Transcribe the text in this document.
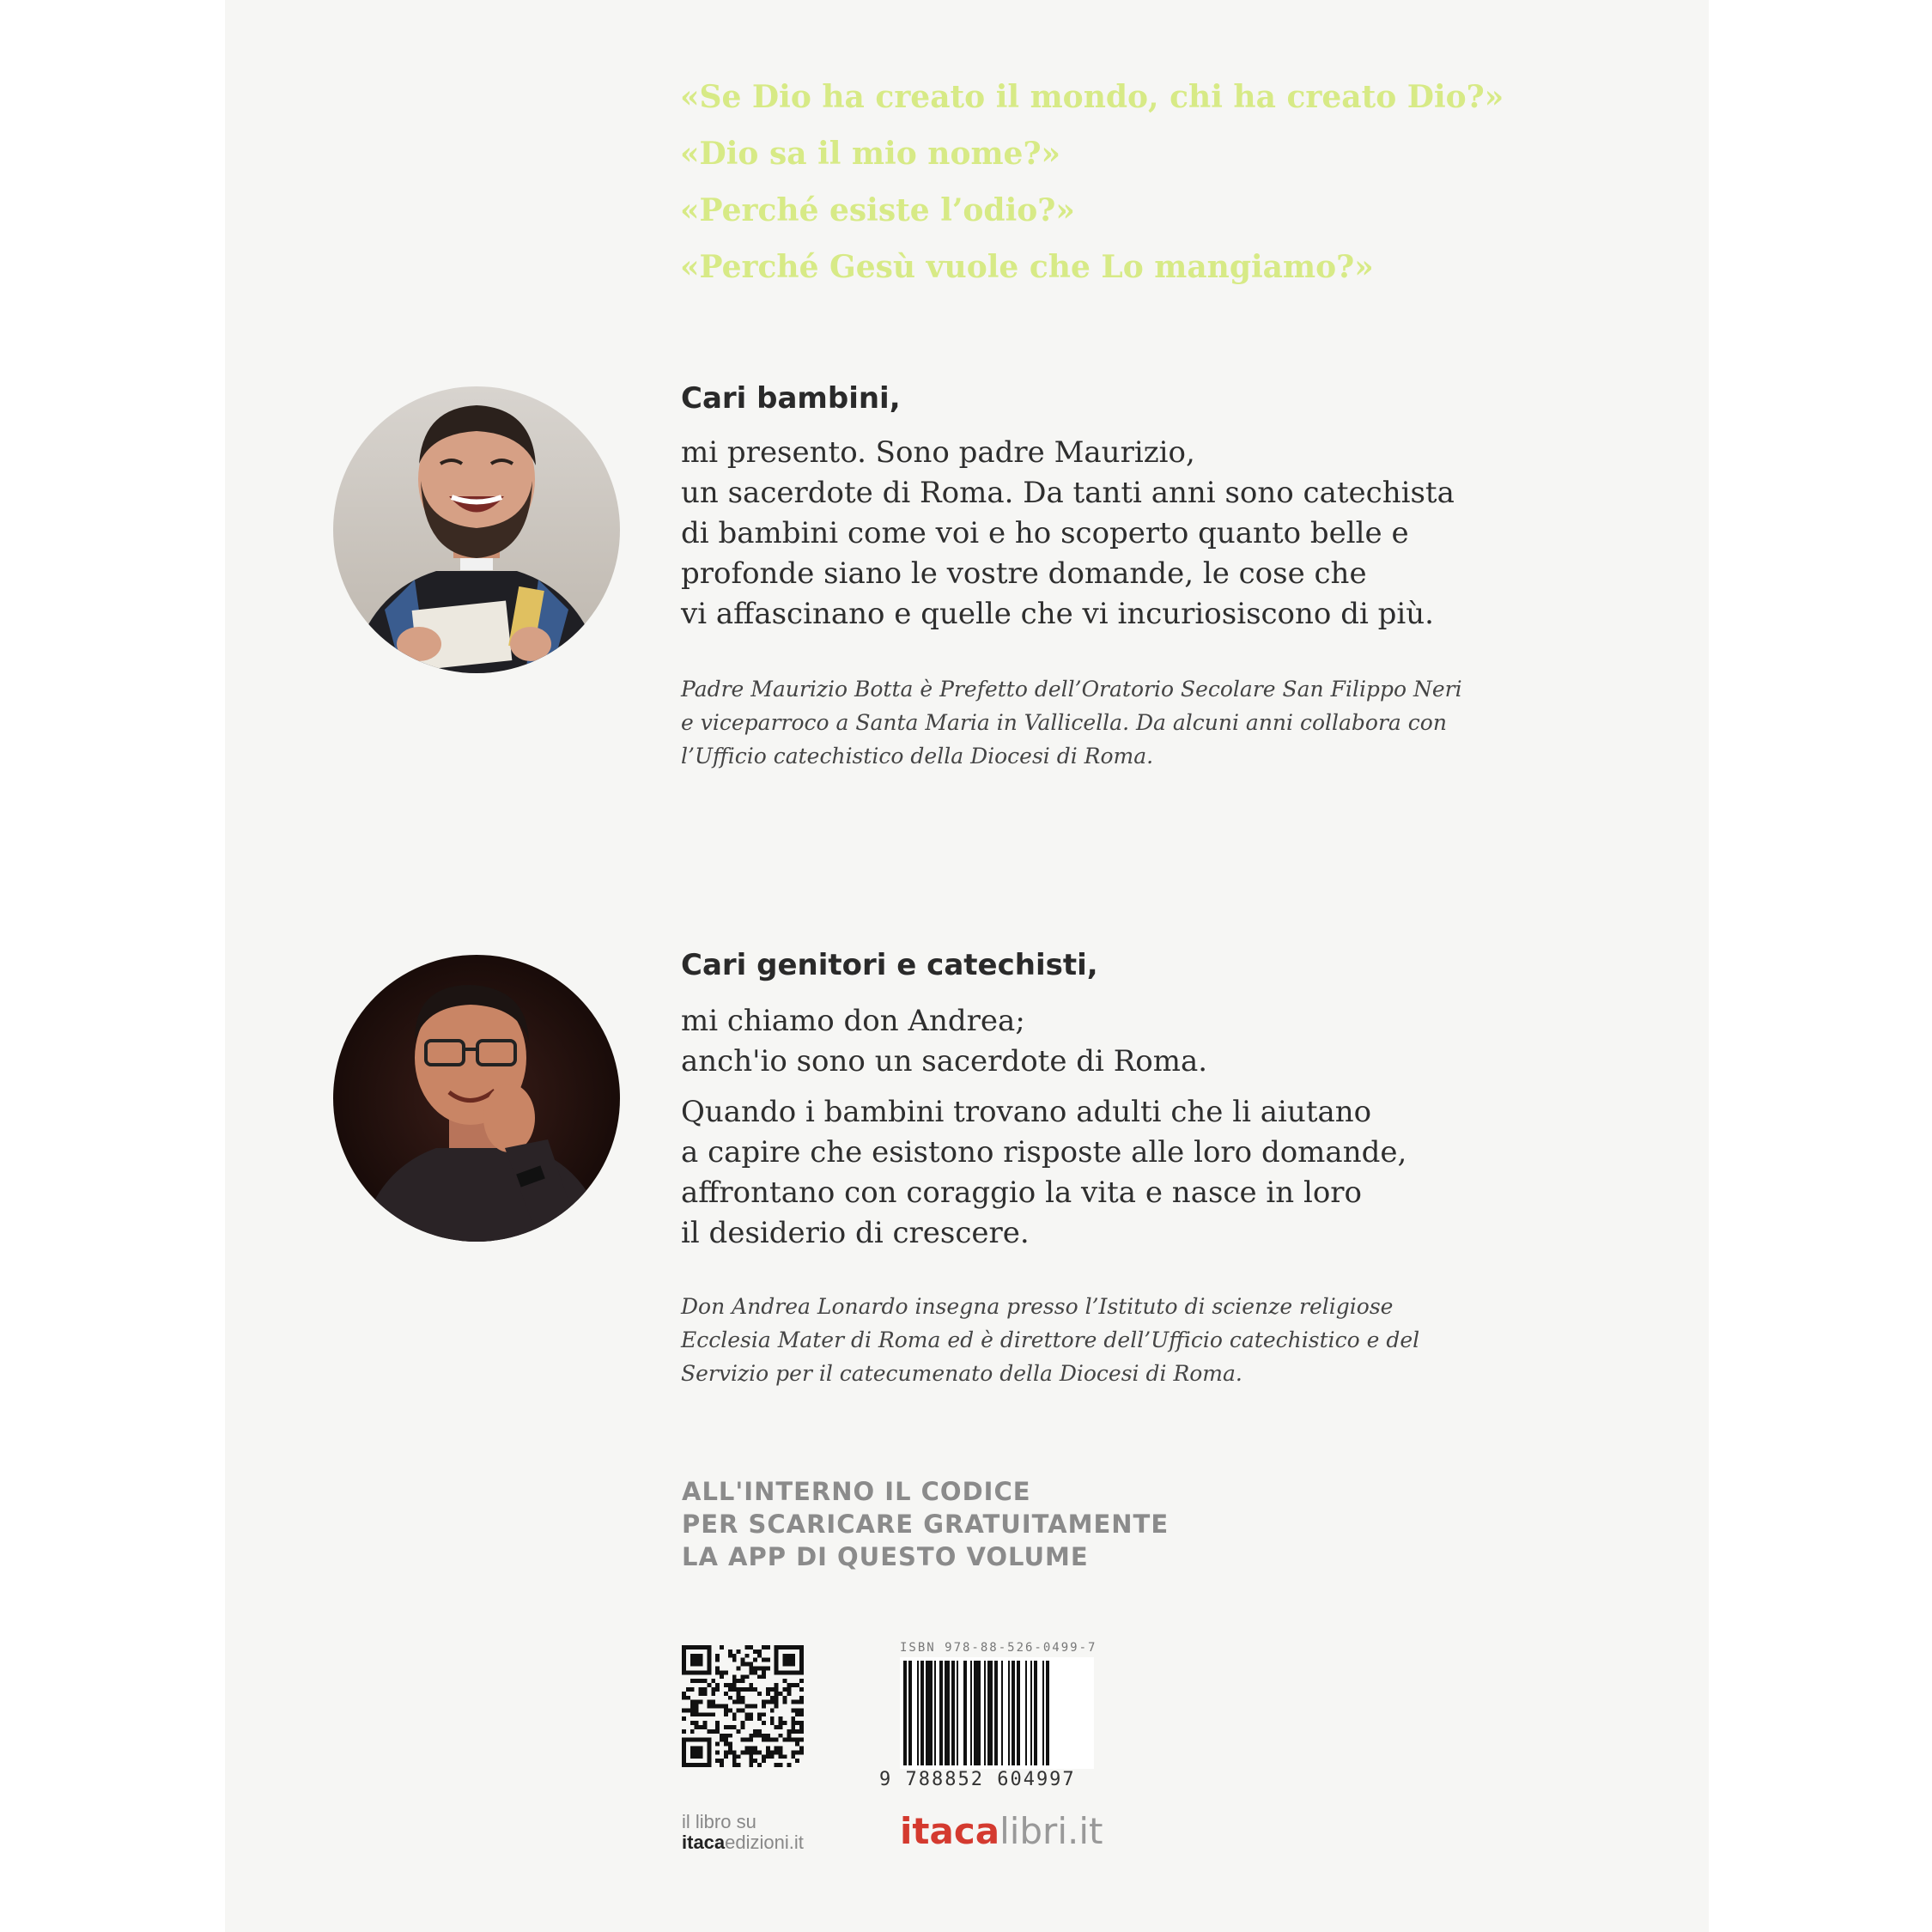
«Se Dio ha creato il mondo, chi ha creato Dio?»
«Dio sa il mio nome?»
«Perché esiste l’odio?»
«Perché Gesù vuole che Lo mangiamo?»
Cari bambini,
mi presento. Sono padre Maurizio,
un sacerdote di Roma. Da tanti anni sono catechista
di bambini come voi e ho scoperto quanto belle e
profonde siano le vostre domande, le cose che
vi affascinano e quelle che vi incuriosiscono di più.
Padre Maurizio Botta è Prefetto dell’Oratorio Secolare San Filippo Neri
e viceparroco a Santa Maria in Vallicella. Da alcuni anni collabora con
l’Ufficio catechistico della Diocesi di Roma.
Cari genitori e catechisti,
mi chiamo don Andrea;
anch'io sono un sacerdote di Roma.
Quando i bambini trovano adulti che li aiutano
a capire che esistono risposte alle loro domande,
affrontano con coraggio la vita e nasce in loro
il desiderio di crescere.
Don Andrea Lonardo insegna presso l’Istituto di scienze religiose
Ecclesia Mater di Roma ed è direttore dell’Ufficio catechistico e del
Servizio per il catecumenato della Diocesi di Roma.
ALL'INTERNO IL CODICE
PER SCARICARE GRATUITAMENTE
LA APP DI QUESTO VOLUME
ISBN 978-88-526-0499-7
9 788852 604997
il libro su
itacaedizioni.it	itacalibri.it
